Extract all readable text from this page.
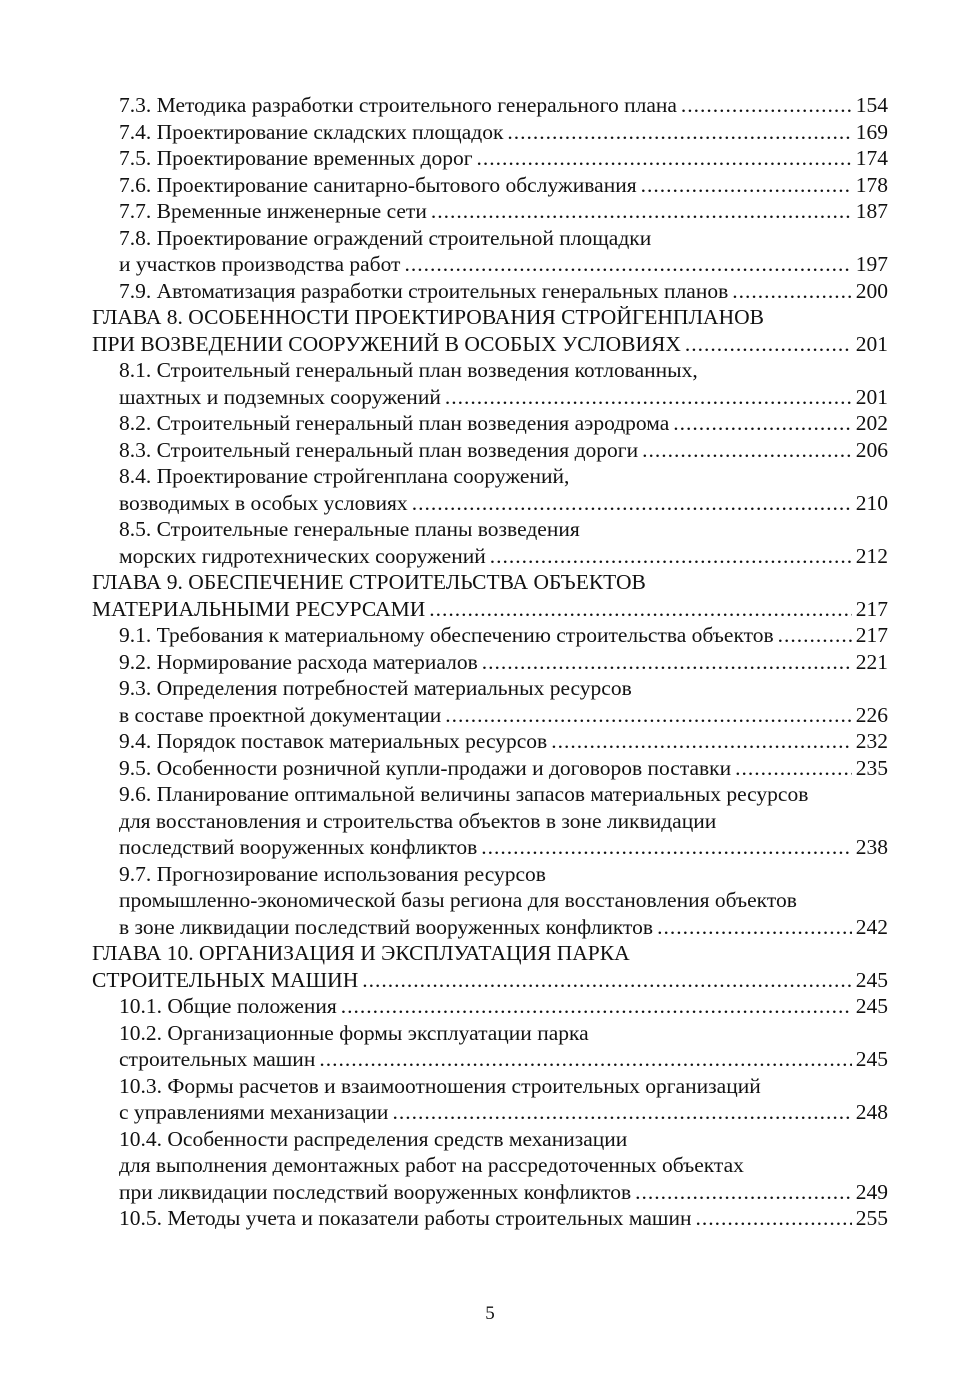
7.3. Методика разработки строительного генерального плана .....	154
7.4. Проектирование складских площадок .....	169
7.5. Проектирование временных дорог .....	174
7.6. Проектирование санитарно-бытового обслуживания .....	178
7.7. Временные инженерные сети .....	187
7.8. Проектирование ограждений строительной площадки
и участков производства работ .....	197
7.9. Автоматизация разработки строительных генеральных планов .....	200
ГЛАВА 8. ОСОБЕННОСТИ ПРОЕКТИРОВАНИЯ СТРОЙГЕНПЛАНОВ
ПРИ ВОЗВЕДЕНИИ СООРУЖЕНИЙ В ОСОБЫХ УСЛОВИЯХ .....	201
8.1. Строительный генеральный план возведения котлованных,
шахтных и подземных сооружений .....	201
8.2. Строительный генеральный план возведения аэродрома .....	202
8.3. Строительный генеральный план возведения дороги .....	206
8.4. Проектирование стройгенплана сооружений,
возводимых в особых условиях .....	210
8.5. Строительные генеральные планы возведения
морских гидротехнических сооружений .....	212
ГЛАВА 9. ОБЕСПЕЧЕНИЕ СТРОИТЕЛЬСТВА ОБЪЕКТОВ
МАТЕРИАЛЬНЫМИ РЕСУРСАМИ .....	217
9.1. Требования к материальному обеспечению строительства объектов .....	217
9.2. Нормирование расхода материалов .....	221
9.3. Определения потребностей материальных ресурсов
в составе проектной документации .....	226
9.4. Порядок поставок материальных ресурсов .....	232
9.5. Особенности розничной купли-продажи и договоров поставки .....	235
9.6. Планирование оптимальной величины запасов материальных ресурсов
для восстановления и строительства объектов в зоне ликвидации
последствий вооруженных конфликтов .....	238
9.7. Прогнозирование использования ресурсов
промышленно-экономической базы региона для восстановления объектов
в зоне ликвидации последствий вооруженных конфликтов .....	242
ГЛАВА 10. ОРГАНИЗАЦИЯ И ЭКСПЛУАТАЦИЯ ПАРКА
СТРОИТЕЛЬНЫХ МАШИН .....	245
10.1. Общие положения .....	245
10.2. Организационные формы эксплуатации парка
строительных машин .....	245
10.3. Формы расчетов и взаимоотношения строительных организаций
с управлениями механизации .....	248
10.4. Особенности распределения средств механизации
для выполнения демонтажных работ на рассредоточенных объектах
при ликвидации последствий вооруженных конфликтов .....	249
10.5. Методы учета и показатели работы строительных машин .....	255
5
